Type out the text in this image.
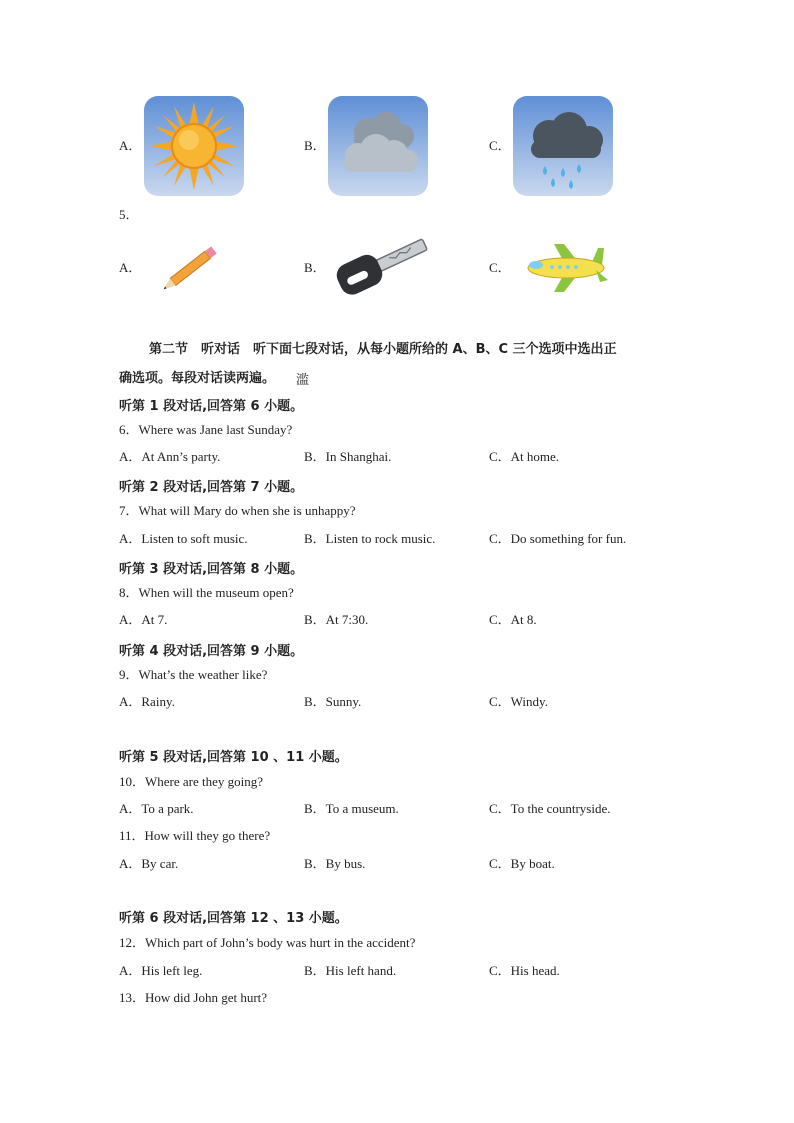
A．	B．	C．
5．
A．	B．	C．
第二节　听对话　听下面七段对话，从每小题所给的 A、B、C 三个选项中选出正
确选项。每段对话读两遍。 滥
听第 1 段对话,回答第 6 小题。
6．Where was Jane last Sunday?
A．At Ann’s party.	B．In Shanghai.	C．At home.
听第 2 段对话,回答第 7 小题。
7．What will Mary do when she is unhappy?
A．Listen to soft music.	B．Listen to rock music.	C．Do something for fun.
听第 3 段对话,回答第 8 小题。
8．When will the museum open?
A．At 7.	B．At 7:30.	C．At 8.
听第 4 段对话,回答第 9 小题。
9．What’s the weather like?
A．Rainy.	B．Sunny.	C．Windy.
听第 5 段对话,回答第 10 、11 小题。
10．Where are they going?
A．To a park.	B．To a museum.	C．To the countryside.
11．How will they go there?
A．By car.	B．By bus.	C．By boat.
听第 6 段对话,回答第 12 、13 小题。
12．Which part of John’s body was hurt in the accident?
A．His left leg.	B．His left hand.	C．His head.
13．How did John get hurt?
